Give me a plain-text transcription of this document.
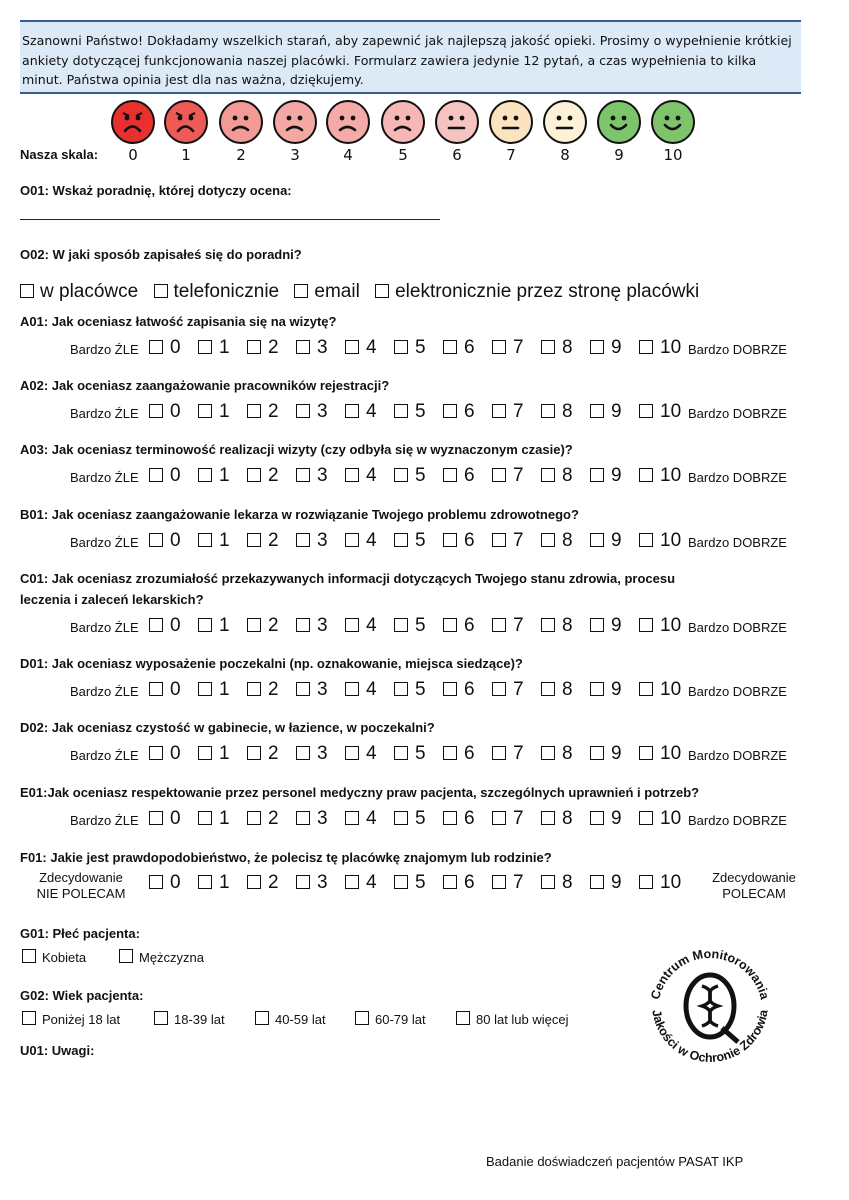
Szanowni Państwo! Dokładamy wszelkich starań, aby zapewnić jak najlepszą jakość opieki. Prosimy o wypełnienie krótkiej ankiety dotyczącej funkcjonowania naszej placówki. Formularz zawiera jedynie 12 pytań, a czas wypełnienia to kilka minut. Państwa opinia jest dla nas ważna, dziękujemy.
Nasza skala:	0	1	2	3	4	5	6	7	8	9	10
O01: Wskaż poradnię, której dotyczy ocena:
O02: W jaki sposób zapisałeś się do poradni?
w placówce telefonicznie email elektronicznie przez stronę placówki
A01: Jak oceniasz łatwość zapisania się na wizytę?
Bardzo ŹLE	Bardzo DOBRZE
0	1	2	3	4	5	6	7	8	9	10
A02: Jak oceniasz zaangażowanie pracowników rejestracji?
Bardzo ŹLE	Bardzo DOBRZE
0	1	2	3	4	5	6	7	8	9	10
A03: Jak oceniasz terminowość realizacji wizyty (czy odbyła się w wyznaczonym czasie)?
Bardzo ŹLE	Bardzo DOBRZE
0	1	2	3	4	5	6	7	8	9	10
B01: Jak oceniasz zaangażowanie lekarza w rozwiązanie Twojego problemu zdrowotnego?
Bardzo ŹLE	Bardzo DOBRZE
0	1	2	3	4	5	6	7	8	9	10
C01: Jak oceniasz zrozumiałość przekazywanych informacji dotyczących Twojego stanu zdrowia, procesu
leczenia i zaleceń lekarskich?
Bardzo ŹLE	Bardzo DOBRZE
0	1	2	3	4	5	6	7	8	9	10
D01: Jak oceniasz wyposażenie poczekalni (np. oznakowanie, miejsca siedzące)?
Bardzo ŹLE	Bardzo DOBRZE
0	1	2	3	4	5	6	7	8	9	10
D02: Jak oceniasz czystość w gabinecie, w łazience, w poczekalni?
Bardzo ŹLE	Bardzo DOBRZE
0	1	2	3	4	5	6	7	8	9	10
E01:Jak oceniasz respektowanie przez personel medyczny praw pacjenta, szczególnych uprawnień i potrzeb?
Bardzo ŹLE	Bardzo DOBRZE
0	1	2	3	4	5	6	7	8	9	10
F01: Jakie jest prawdopodobieństwo, że polecisz tę placówkę znajomym lub rodzinie?
0	1	2	3	4	5	6	7	8	9	10
Zdecydowanie
NIE POLECAM
Zdecydowanie
POLECAM
G01: Płeć pacjenta:
Kobieta	Mężczyzna
G02: Wiek pacjenta:
Poniżej 18 lat	18-39 lat	40-59 lat	60-79 lat	80 lat lub więcej
U01: Uwagi:
Centrum Monitorowania
Jakości w Ochronie Zdrowia
Badanie doświadczeń pacjentów PASAT IKP
